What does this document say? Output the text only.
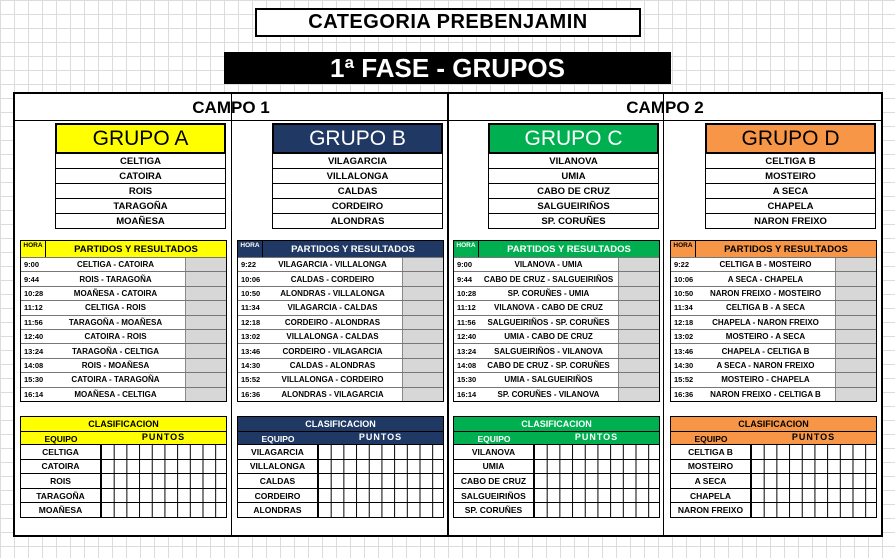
CATEGORIA PREBENJAMIN
1ª FASE - GRUPOS
CAMPO 1	CAMPO 2
GRUPO A
CELTIGA
CATOIRA
ROIS
TARAGOÑA
MOAÑESA
HORA	PARTIDOS Y RESULTADOS
9:00	CELTIGA - CATOIRA
9:44	ROIS - TARAGOÑA
10:28	MOAÑESA - CATOIRA
11:12	CELTIGA - ROIS
11:56	TARAGOÑA - MOAÑESA
12:40	CATOIRA - ROIS
13:24	TARAGOÑA - CELTIGA
14:08	ROIS - MOAÑESA
15:30	CATOIRA - TARAGOÑA
16:14	MOAÑESA - CELTIGA
CLASIFICACION
EQUIPO	PUNTOS
CELTIGA
CATOIRA
ROIS
TARAGOÑA
MOAÑESA
GRUPO B
VILAGARCIA
VILLALONGA
CALDAS
CORDEIRO
ALONDRAS
HORA	PARTIDOS Y RESULTADOS
9:22	VILAGARCIA - VILLALONGA
10:06	CALDAS - CORDEIRO
10:50	ALONDRAS - VILLALONGA
11:34	VILAGARCIA - CALDAS
12:18	CORDEIRO - ALONDRAS
13:02	VILLALONGA - CALDAS
13:46	CORDEIRO - VILAGARCIA
14:30	CALDAS - ALONDRAS
15:52	VILLALONGA - CORDEIRO
16:36	ALONDRAS - VILAGARCIA
CLASIFICACION
EQUIPO	PUNTOS
VILAGARCIA
VILLALONGA
CALDAS
CORDEIRO
ALONDRAS
GRUPO C
VILANOVA
UMIA
CABO DE CRUZ
SALGUEIRIÑOS
SP. CORUÑES
HORA	PARTIDOS Y RESULTADOS
9:00	VILANOVA - UMIA
9:44	CABO DE CRUZ - SALGUEIRIÑOS
10:28	SP. CORUÑES - UMIA
11:12	VILANOVA - CABO DE CRUZ
11:56	SALGUEIRIÑOS - SP. CORUÑES
12:40	UMIA - CABO DE CRUZ
13:24	SALGUEIRIÑOS - VILANOVA
14:08	CABO DE CRUZ - SP. CORUÑES
15:30	UMIA - SALGUEIRIÑOS
16:14	SP. CORUÑES - VILANOVA
CLASIFICACION
EQUIPO	PUNTOS
VILANOVA
UMIA
CABO DE CRUZ
SALGUEIRIÑOS
SP. CORUÑES
GRUPO D
CELTIGA B
MOSTEIRO
A SECA
CHAPELA
NARON FREIXO
HORA	PARTIDOS Y RESULTADOS
9:22	CELTIGA B - MOSTEIRO
10:06	A SECA - CHAPELA
10:50	NARON FREIXO - MOSTEIRO
11:34	CELTIGA B - A SECA
12:18	CHAPELA - NARON FREIXO
13:02	MOSTEIRO - A SECA
13:46	CHAPELA - CELTIGA B
14:30	A SECA - NARON FREIXO
15:52	MOSTEIRO - CHAPELA
16:36	NARON FREIXO - CELTIGA B
CLASIFICACION
EQUIPO	PUNTOS
CELTIGA B
MOSTEIRO
A SECA
CHAPELA
NARON FREIXO
